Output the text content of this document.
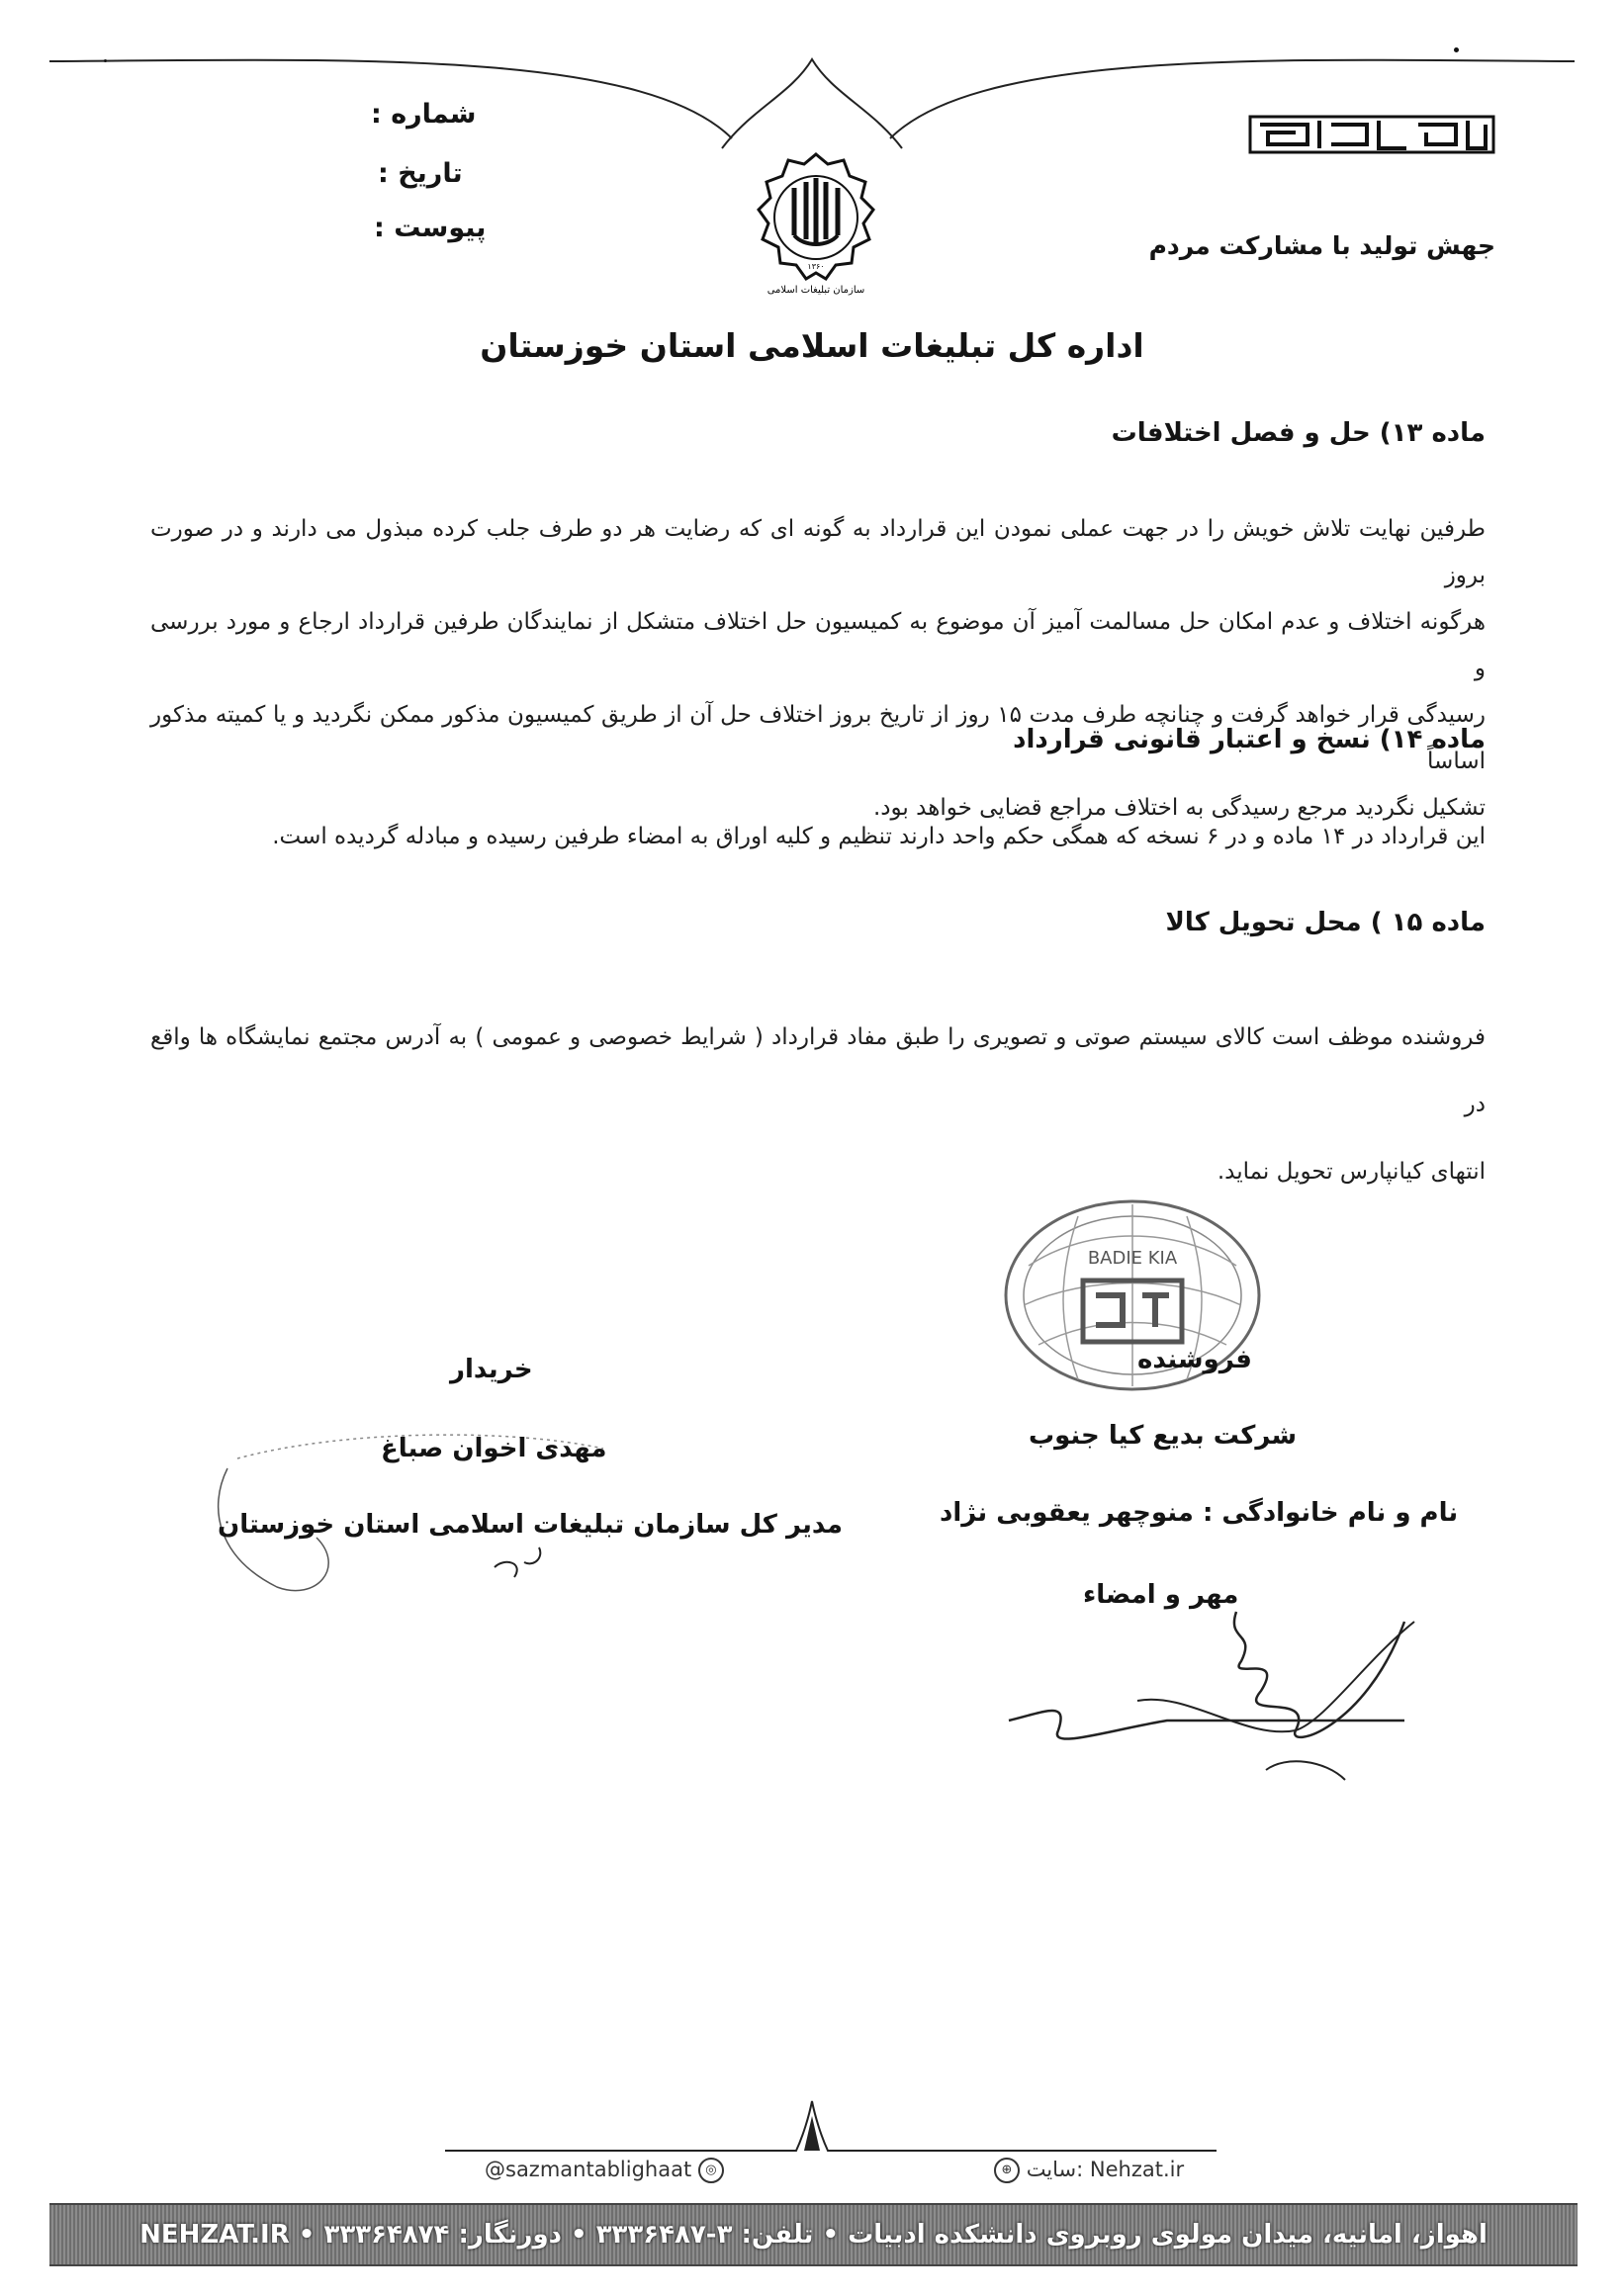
شماره :
تاریخ :
پیوست :
جهش تولید با مشارکت مردم
سازمان تبلیغات اسلامی
۱۳۶۰
اداره کل تبلیغات اسلامی استان خوزستان
ماده ۱۳) حل و فصل اختلافات
طرفین نهایت تلاش خویش را در جهت عملی نمودن این قرارداد به گونه ای که رضایت هر دو طرف جلب کرده مبذول می دارند و در صورت بروز
هرگونه اختلاف و عدم امکان حل مسالمت آمیز آن موضوع به کمیسیون حل اختلاف متشکل از نمایندگان طرفین قرارداد ارجاع و مورد بررسی و
رسیدگی قرار خواهد گرفت و چنانچه طرف مدت ۱۵ روز از تاریخ بروز اختلاف حل آن از طریق کمیسیون مذکور ممکن نگردید و یا کمیته مذکور اساساً
تشکیل نگردید مرجع رسیدگی به اختلاف مراجع قضایی خواهد بود.
ماده ۱۴) نسخ و اعتبار قانونی قرارداد
این قرارداد در ۱۴ ماده و در ۶ نسخه که همگی حکم واحد دارند تنظیم و کلیه اوراق به امضاء طرفین رسیده و مبادله گردیده است.
ماده ۱۵ ) محل تحویل کالا
فروشنده موظف است کالای سیستم صوتی و تصویری را طبق مفاد قرارداد ( شرایط خصوصی و عمومی ) به آدرس مجتمع نمایشگاه ها واقع در
انتهای کیانپارس تحویل نماید.
BADIE KIA
فروشنده
شرکت بدیع کیا جنوب
نام و نام خانوادگی : منوچهر یعقوبی نژاد
مهر و امضاء
خریدار
مهدی اخوان صباغ
مدیر کل سازمان تبلیغات اسلامی استان خوزستان
@sazmantablighaat ◎	⊕ سایت: Nehzat.ir
اهواز، امانیه، میدان مولوی روبروی دانشکده ادبیات • تلفن: ۳-۳۳۳۶۴۸۷ • دورنگار: ۳۳۳۶۴۸۷۴ • NEHZAT.IR
